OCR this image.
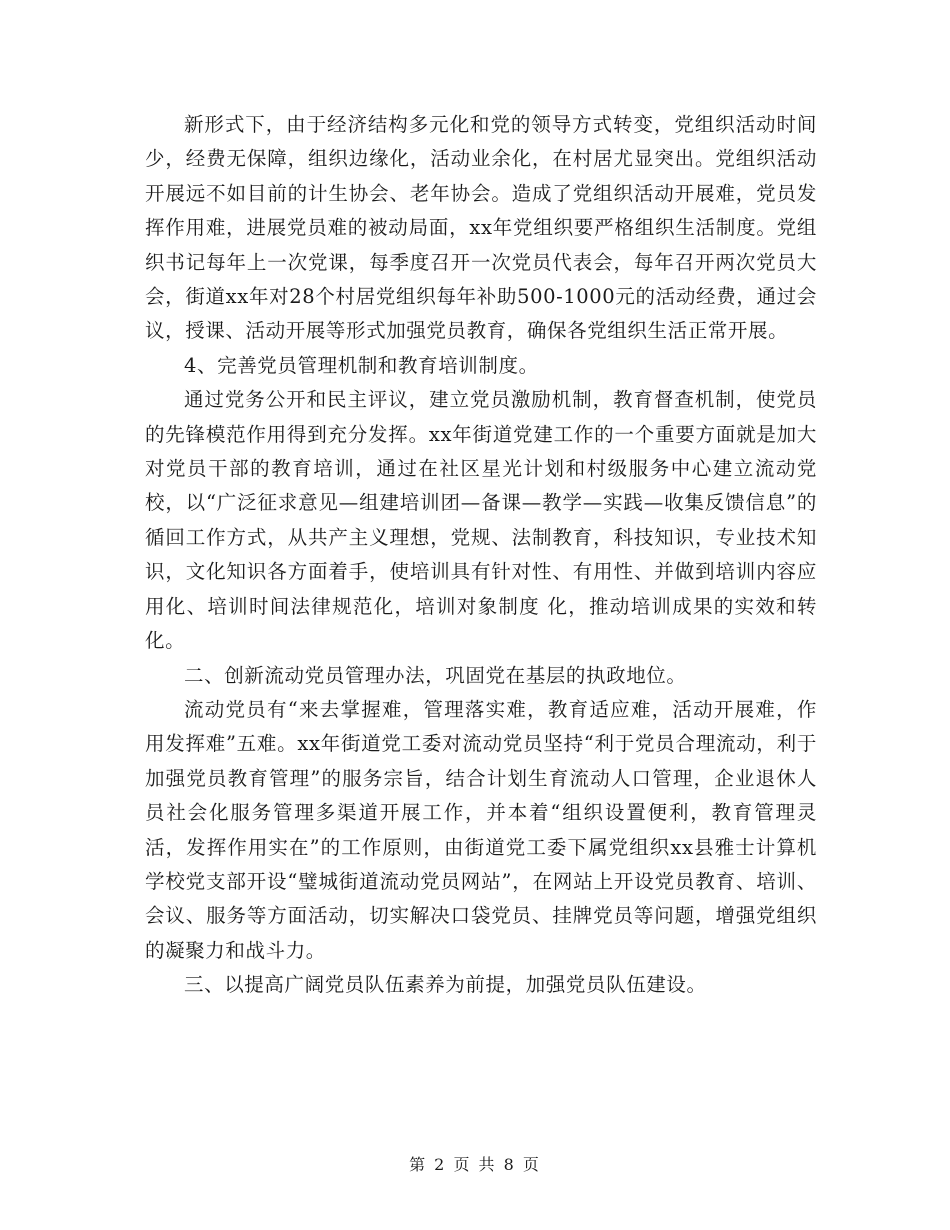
新形式下，由于经济结构多元化和党的领导方式转变，党组织活动时间少，经费无保障，组织边缘化，活动业余化，在村居尤显突出。党组织活动开展远不如目前的计生协会、老年协会。造成了党组织活动开展难，党员发挥作用难，进展党员难的被动局面，xx年党组织要严格组织生活制度。党组织书记每年上一次党课，每季度召开一次党员代表会，每年召开两次党员大会，街道xx年对28个村居党组织每年补助500-1000元的活动经费，通过会议，授课、活动开展等形式加强党员教育，确保各党组织生活正常开展。

4、完善党员管理机制和教育培训制度。

通过党务公开和民主评议，建立党员激励机制，教育督查机制，使党员的先锋模范作用得到充分发挥。xx年街道党建工作的一个重要方面就是加大对党员干部的教育培训，通过在社区星光计划和村级服务中心建立流动党校，以“广泛征求意见—组建培训团—备课—教学—实践—收集反馈信息”的循回工作方式，从共产主义理想，党规、法制教育，科技知识，专业技术知识，文化知识各方面着手，使培训具有针对性、有用性、并做到培训内容应用化、培训时间法律规范化，培训对象制度 化，推动培训成果的实效和转化。

二、创新流动党员管理办法，巩固党在基层的执政地位。

流动党员有“来去掌握难，管理落实难，教育适应难，活动开展难，作用发挥难”五难。xx年街道党工委对流动党员坚持“利于党员合理流动，利于加强党员教育管理”的服务宗旨，结合计划生育流动人口管理，企业退休人员社会化服务管理多渠道开展工作，并本着“组织设置便利，教育管理灵活，发挥作用实在”的工作原则，由街道党工委下属党组织xx县雅士计算机学校党支部开设“璧城街道流动党员网站”，在网站上开设党员教育、培训、会议、服务等方面活动，切实解决口袋党员、挂牌党员等问题，增强党组织的凝聚力和战斗力。

三、以提高广阔党员队伍素养为前提，加强党员队伍建设。

第 2 页 共 8 页
